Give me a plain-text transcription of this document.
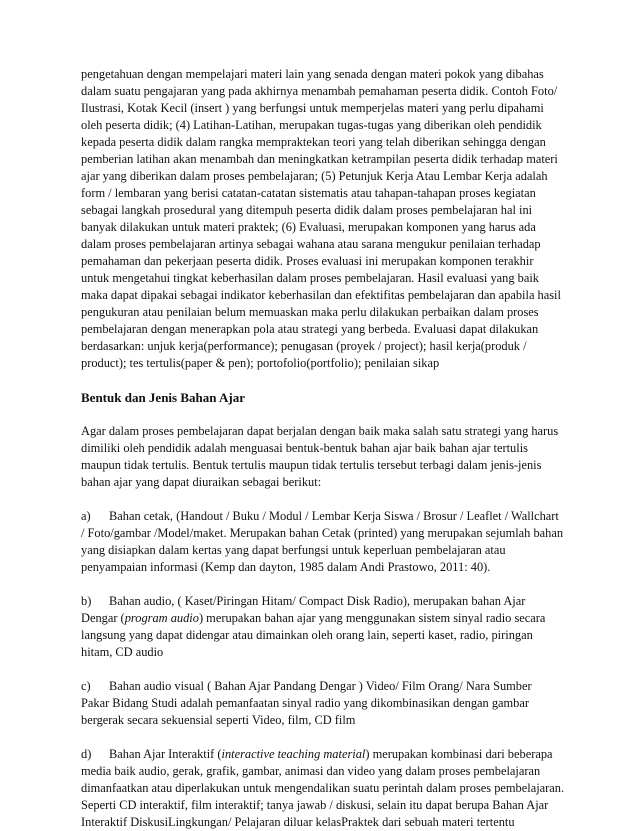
pengetahuan dengan mempelajari materi lain yang senada dengan materi pokok yang dibahas
dalam suatu pengajaran yang pada akhirnya menambah pemahaman peserta didik. Contoh Foto/
Ilustrasi, Kotak Kecil (insert ) yang berfungsi untuk memperjelas materi yang perlu dipahami
oleh peserta didik; (4) Latihan-Latihan, merupakan tugas-tugas yang diberikan oleh pendidik
kepada peserta didik dalam rangka mempraktekan teori yang telah diberikan sehingga dengan
pemberian latihan akan menambah dan meningkatkan ketrampilan peserta didik terhadap materi
ajar yang diberikan dalam proses pembelajaran; (5) Petunjuk Kerja Atau Lembar Kerja adalah
form / lembaran yang berisi catatan-catatan sistematis atau tahapan-tahapan proses kegiatan
sebagai langkah prosedural yang ditempuh peserta didik dalam proses pembelajaran hal ini
banyak dilakukan untuk materi praktek; (6) Evaluasi, merupakan komponen yang harus ada
dalam proses pembelajaran artinya sebagai wahana atau sarana mengukur penilaian terhadap
pemahaman dan pekerjaan peserta didik. Proses evaluasi ini merupakan komponen terakhir
untuk mengetahui tingkat keberhasilan dalam proses pembelajaran. Hasil evaluasi yang baik
maka dapat dipakai sebagai indikator keberhasilan dan efektifitas pembelajaran dan apabila hasil
pengukuran atau penilaian belum memuaskan maka perlu dilakukan perbaikan dalam proses
pembelajaran dengan menerapkan pola atau strategi yang berbeda. Evaluasi dapat dilakukan
berdasarkan: unjuk kerja(performance); penugasan (proyek / project); hasil kerja(produk /
product); tes tertulis(paper & pen); portofolio(portfolio); penilaian sikap
Bentuk dan Jenis Bahan Ajar
Agar dalam proses pembelajaran dapat berjalan dengan baik maka salah satu strategi yang harus
dimiliki oleh pendidik adalah menguasai bentuk-bentuk bahan ajar baik bahan ajar tertulis
maupun tidak tertulis. Bentuk tertulis maupun tidak tertulis tersebut terbagi dalam jenis-jenis
bahan ajar yang dapat diuraikan sebagai berikut:
a) Bahan cetak, (Handout / Buku / Modul / Lembar Kerja Siswa / Brosur / Leaflet / Wallchart
/ Foto/gambar /Model/maket. Merupakan bahan Cetak (printed) yang merupakan sejumlah bahan
yang disiapkan dalam kertas yang dapat berfungsi untuk keperluan pembelajaran atau
penyampaian informasi (Kemp dan dayton, 1985 dalam Andi Prastowo, 2011: 40).
b) Bahan audio, ( Kaset/Piringan Hitam/ Compact Disk Radio), merupakan bahan Ajar
Dengar (program audio) merupakan bahan ajar yang menggunakan sistem sinyal radio secara
langsung yang dapat didengar atau dimainkan oleh orang lain, seperti kaset, radio, piringan
hitam, CD audio
c) Bahan audio visual ( Bahan Ajar Pandang Dengar ) Video/ Film Orang/ Nara Sumber
Pakar Bidang Studi adalah pemanfaatan sinyal radio yang dikombinasikan dengan gambar
bergerak secara sekuensial seperti Video, film, CD film
d) Bahan Ajar Interaktif (interactive teaching material) merupakan kombinasi dari beberapa
media baik audio, gerak, grafik, gambar, animasi dan video yang dalam proses pembelajaran
dimanfaatkan atau diperlakukan untuk mengendalikan suatu perintah dalam proses pembelajaran.
Seperti CD interaktif, film interaktif; tanya jawab / diskusi, selain itu dapat berupa Bahan Ajar
Interaktif DiskusiLingkungan/ Pelajaran diluar kelasPraktek dari sebuah materi tertentu
